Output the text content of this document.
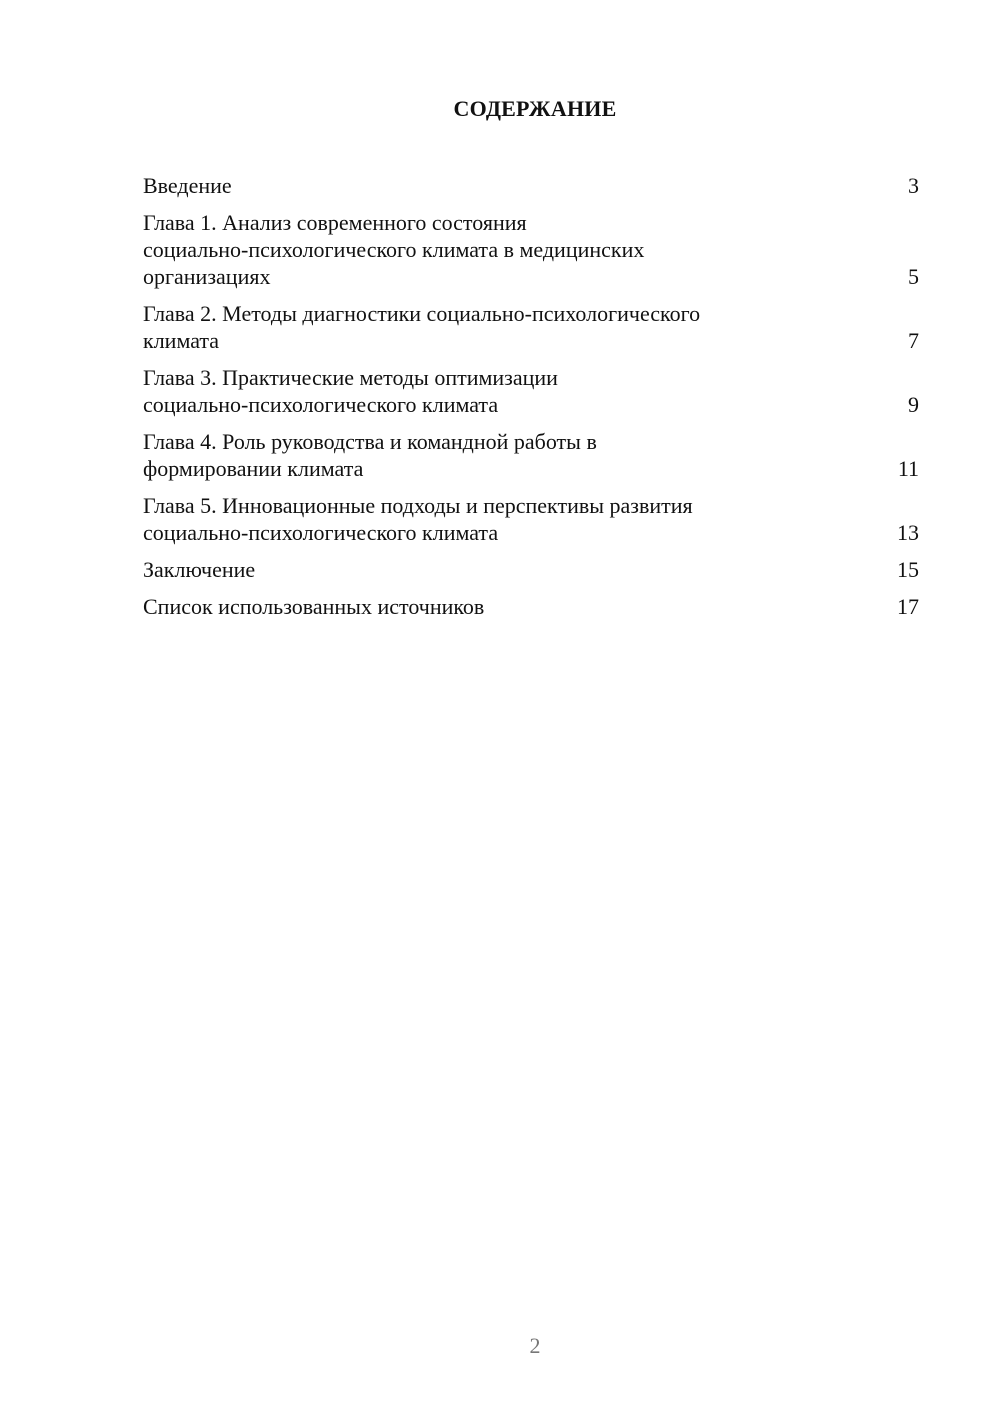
СОДЕРЖАНИЕ
Введение	3
Глава 1. Анализ современного состояния
социально-психологического климата в медицинских
организациях	5
Глава 2. Методы диагностики социально-психологического
климата	7
Глава 3. Практические методы оптимизации
социально-психологического климата	9
Глава 4. Роль руководства и командной работы в
формировании климата	11
Глава 5. Инновационные подходы и перспективы развития
социально-психологического климата	13
Заключение	15
Список использованных источников	17
2
